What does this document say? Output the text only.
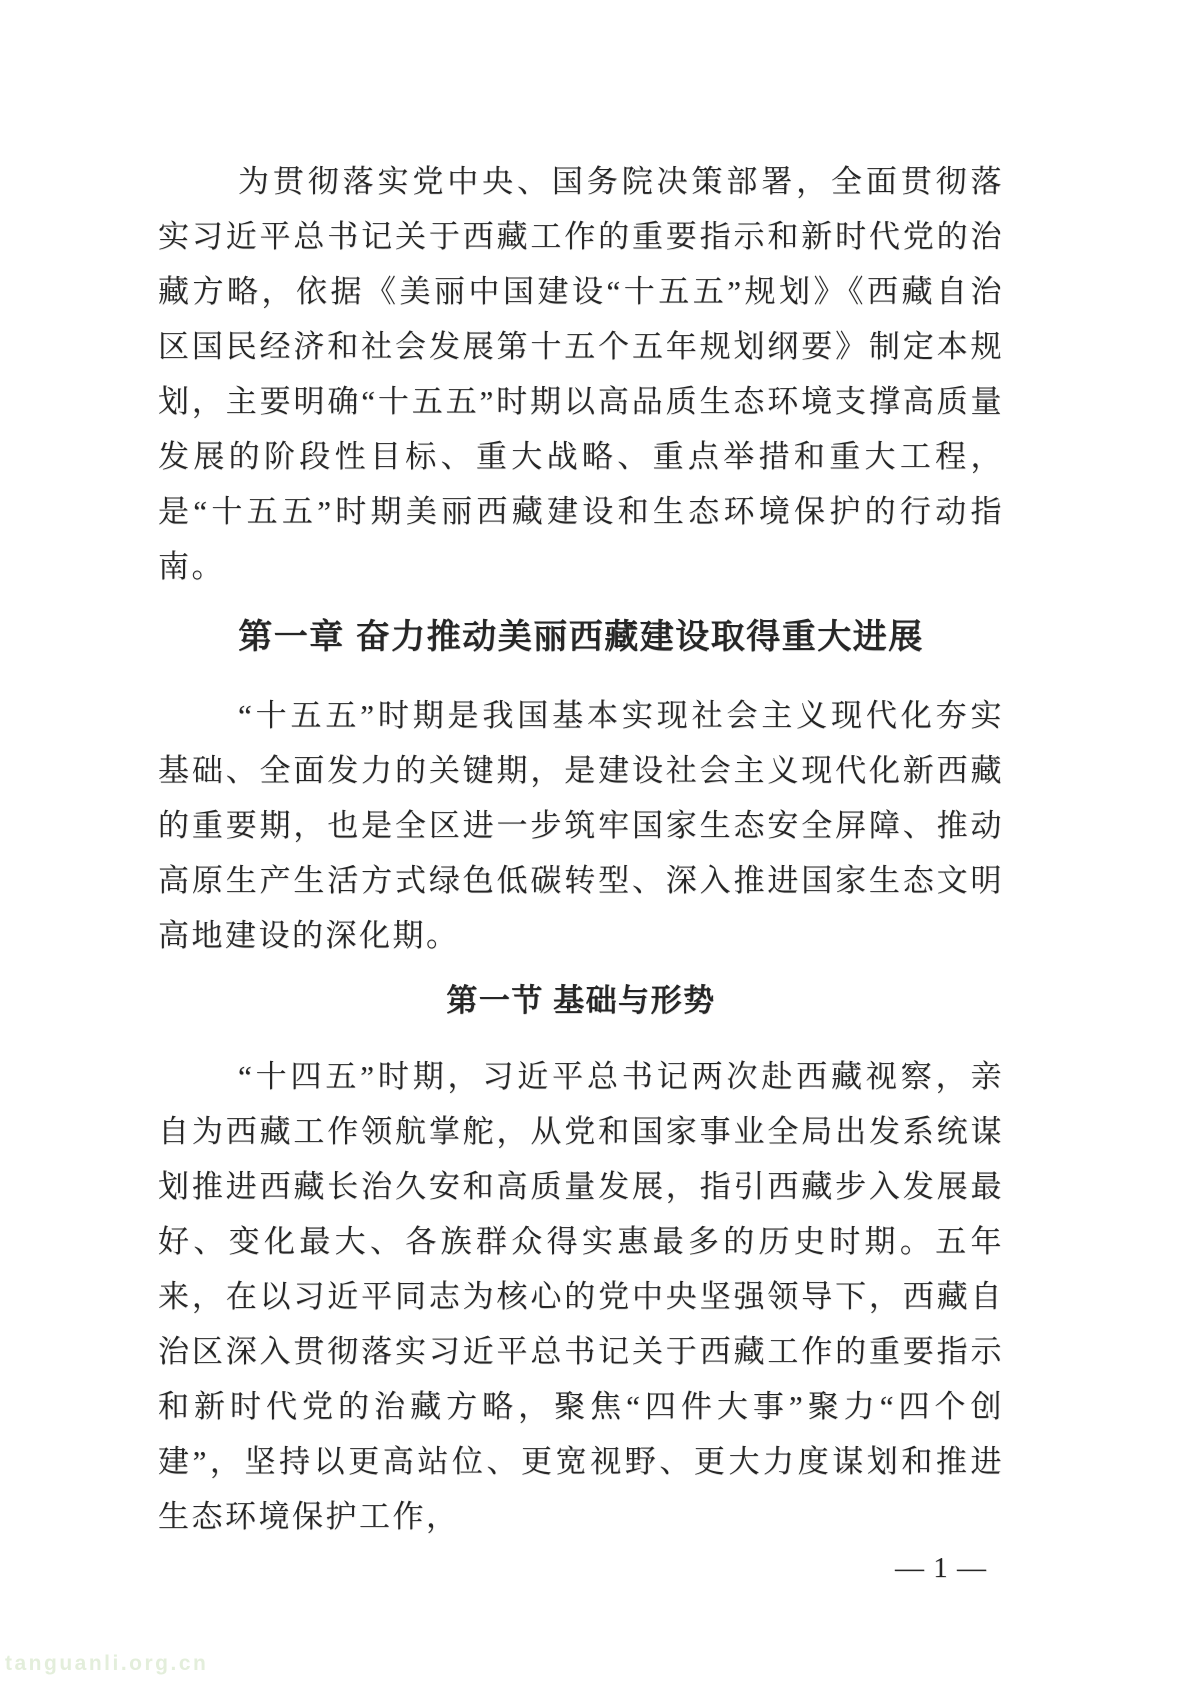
为贯彻落实党中央、国务院决策部署，全面贯彻落实习近平总书记关于西藏工作的重要指示和新时代党的治藏方略，依据《美丽中国建设“十五五”规划》《西藏自治区国民经济和社会发展第十五个五年规划纲要》制定本规划，主要明确“十五五”时期以高品质生态环境支撑高质量发展的阶段性目标、重大战略、重点举措和重大工程，是“十五五”时期美丽西藏建设和生态环境保护的行动指南。

第一章 奋力推动美丽西藏建设取得重大进展

“十五五”时期是我国基本实现社会主义现代化夯实基础、全面发力的关键期，是建设社会主义现代化新西藏的重要期，也是全区进一步筑牢国家生态安全屏障、推动高原生产生活方式绿色低碳转型、深入推进国家生态文明高地建设的深化期。

第一节 基础与形势

“十四五”时期，习近平总书记两次赴西藏视察，亲自为西藏工作领航掌舵，从党和国家事业全局出发系统谋划推进西藏长治久安和高质量发展，指引西藏步入发展最好、变化最大、各族群众得实惠最多的历史时期。五年来，在以习近平同志为核心的党中央坚强领导下，西藏自治区深入贯彻落实习近平总书记关于西藏工作的重要指示和新时代党的治藏方略，聚焦“四件大事”聚力“四个创建”，坚持以更高站位、更宽视野、更大力度谋划和推进生态环境保护工作，

— 1 —
tanguanli.org.cn
